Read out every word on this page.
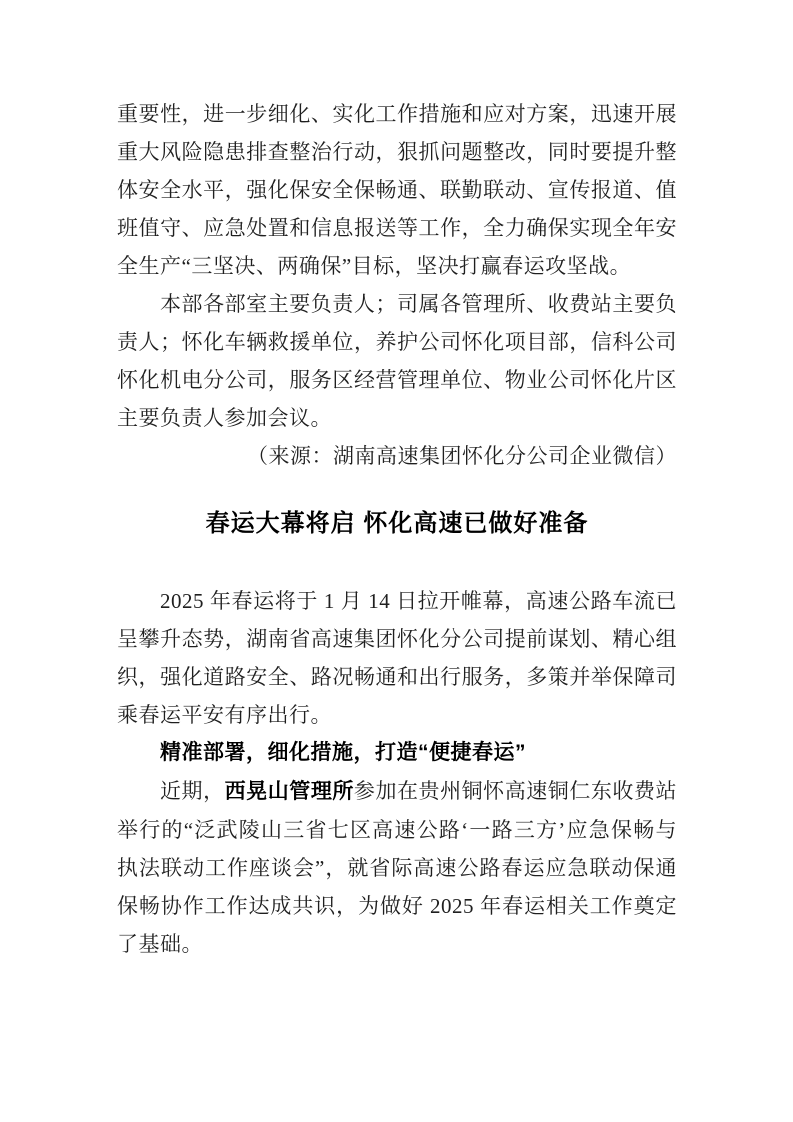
重要性，进一步细化、实化工作措施和应对方案，迅速开展重大风险隐患排查整治行动，狠抓问题整改，同时要提升整体安全水平，强化保安全保畅通、联勤联动、宣传报道、值班值守、应急处置和信息报送等工作，全力确保实现全年安全生产“三坚决、两确保”目标，坚决打赢春运攻坚战。

本部各部室主要负责人；司属各管理所、收费站主要负责人；怀化车辆救援单位，养护公司怀化项目部，信科公司怀化机电分公司，服务区经营管理单位、物业公司怀化片区主要负责人参加会议。

（来源：湖南高速集团怀化分公司企业微信）

春运大幕将启 怀化高速已做好准备

2025 年春运将于 1 月 14 日拉开帷幕，高速公路车流已呈攀升态势，湖南省高速集团怀化分公司提前谋划、精心组织，强化道路安全、路况畅通和出行服务，多策并举保障司乘春运平安有序出行。

精准部署，细化措施，打造“便捷春运”

近期，西晃山管理所参加在贵州铜怀高速铜仁东收费站举行的“泛武陵山三省七区高速公路‘一路三方’应急保畅与执法联动工作座谈会”，就省际高速公路春运应急联动保通保畅协作工作达成共识，为做好 2025 年春运相关工作奠定了基础。
